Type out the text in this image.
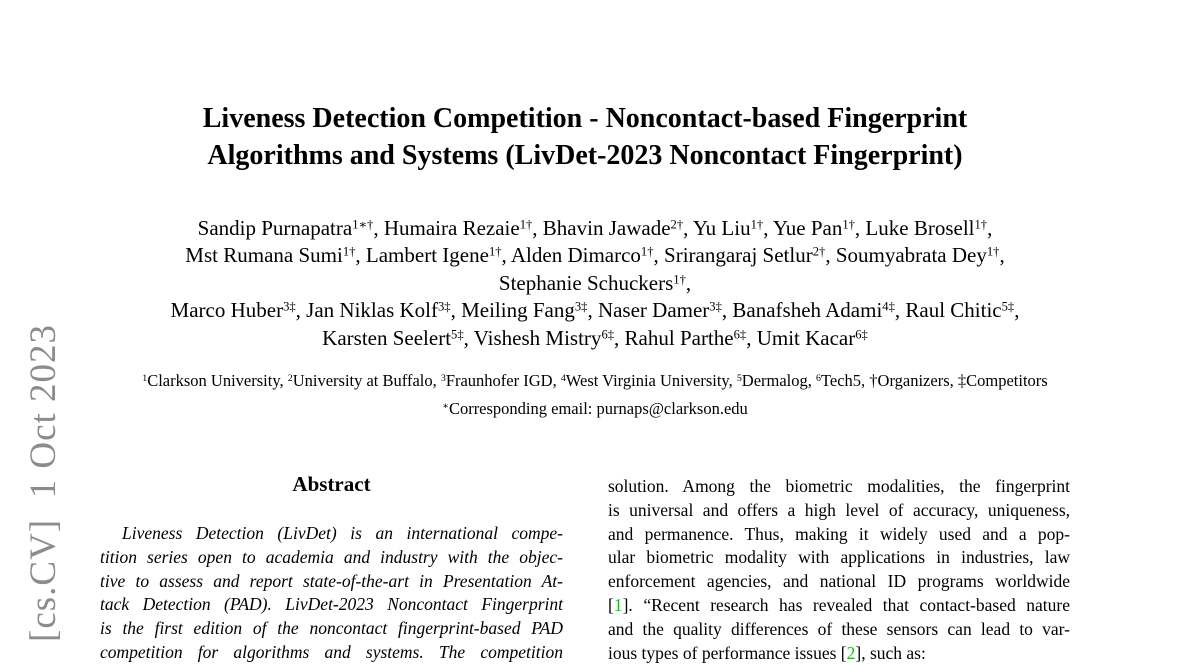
[cs.CV]  1 Oct 2023
Liveness Detection Competition - Noncontact-based Fingerprint
Algorithms and Systems (LivDet-2023 Noncontact Fingerprint)
Sandip Purnapatra$^{1∗\dagger}$, Humaira Rezaie$^{1\dagger}$, Bhavin Jawade$^{2\dagger}$, Yu Liu$^{1\dagger}$, Yue Pan$^{1\dagger}$, Luke Brosell$^{1\dagger}$,
Mst Rumana Sumi$^{1\dagger}$, Lambert Igene$^{1\dagger}$, Alden Dimarco$^{1\dagger}$, Srirangaraj Setlur$^{2\dagger}$, Soumyabrata Dey$^{1\dagger}$,
Stephanie Schuckers$^{1\dagger}$,
Marco Huber$^{3\ddagger}$, Jan Niklas Kolf$^{3\ddagger}$, Meiling Fang$^{3\ddagger}$, Naser Damer$^{3\ddagger}$, Banafsheh Adami$^{4\ddagger}$, Raul Chitic$^{5\ddagger}$,
Karsten Seelert$^{5\ddagger}$, Vishesh Mistry$^{6\ddagger}$, Rahul Parthe$^{6\ddagger}$, Umit Kacar$^{6\ddagger}$
$^1$Clarkson University, $^2$University at Buffalo, $^3$Fraunhofer IGD, $^4$West Virginia University, $^5$Dermalog, $^6$Tech5, †Organizers, ‡Competitors
∗Corresponding email: purnaps@clarkson.edu
Abstract
Liveness Detection (LivDet) is an international compe-
tition series open to academia and industry with the objec-
tive to assess and report state-of-the-art in Presentation At-
tack Detection (PAD). LivDet-2023 Noncontact Fingerprint
is the first edition of the noncontact fingerprint-based PAD
competition for algorithms and systems. The competition
solution. Among the biometric modalities, the fingerprint
is universal and offers a high level of accuracy, uniqueness,
and permanence. Thus, making it widely used and a pop-
ular biometric modality with applications in industries, law
enforcement agencies, and national ID programs worldwide
[1]. “Recent research has revealed that contact-based nature
and the quality differences of these sensors can lead to var-
ious types of performance issues [2], such as:
